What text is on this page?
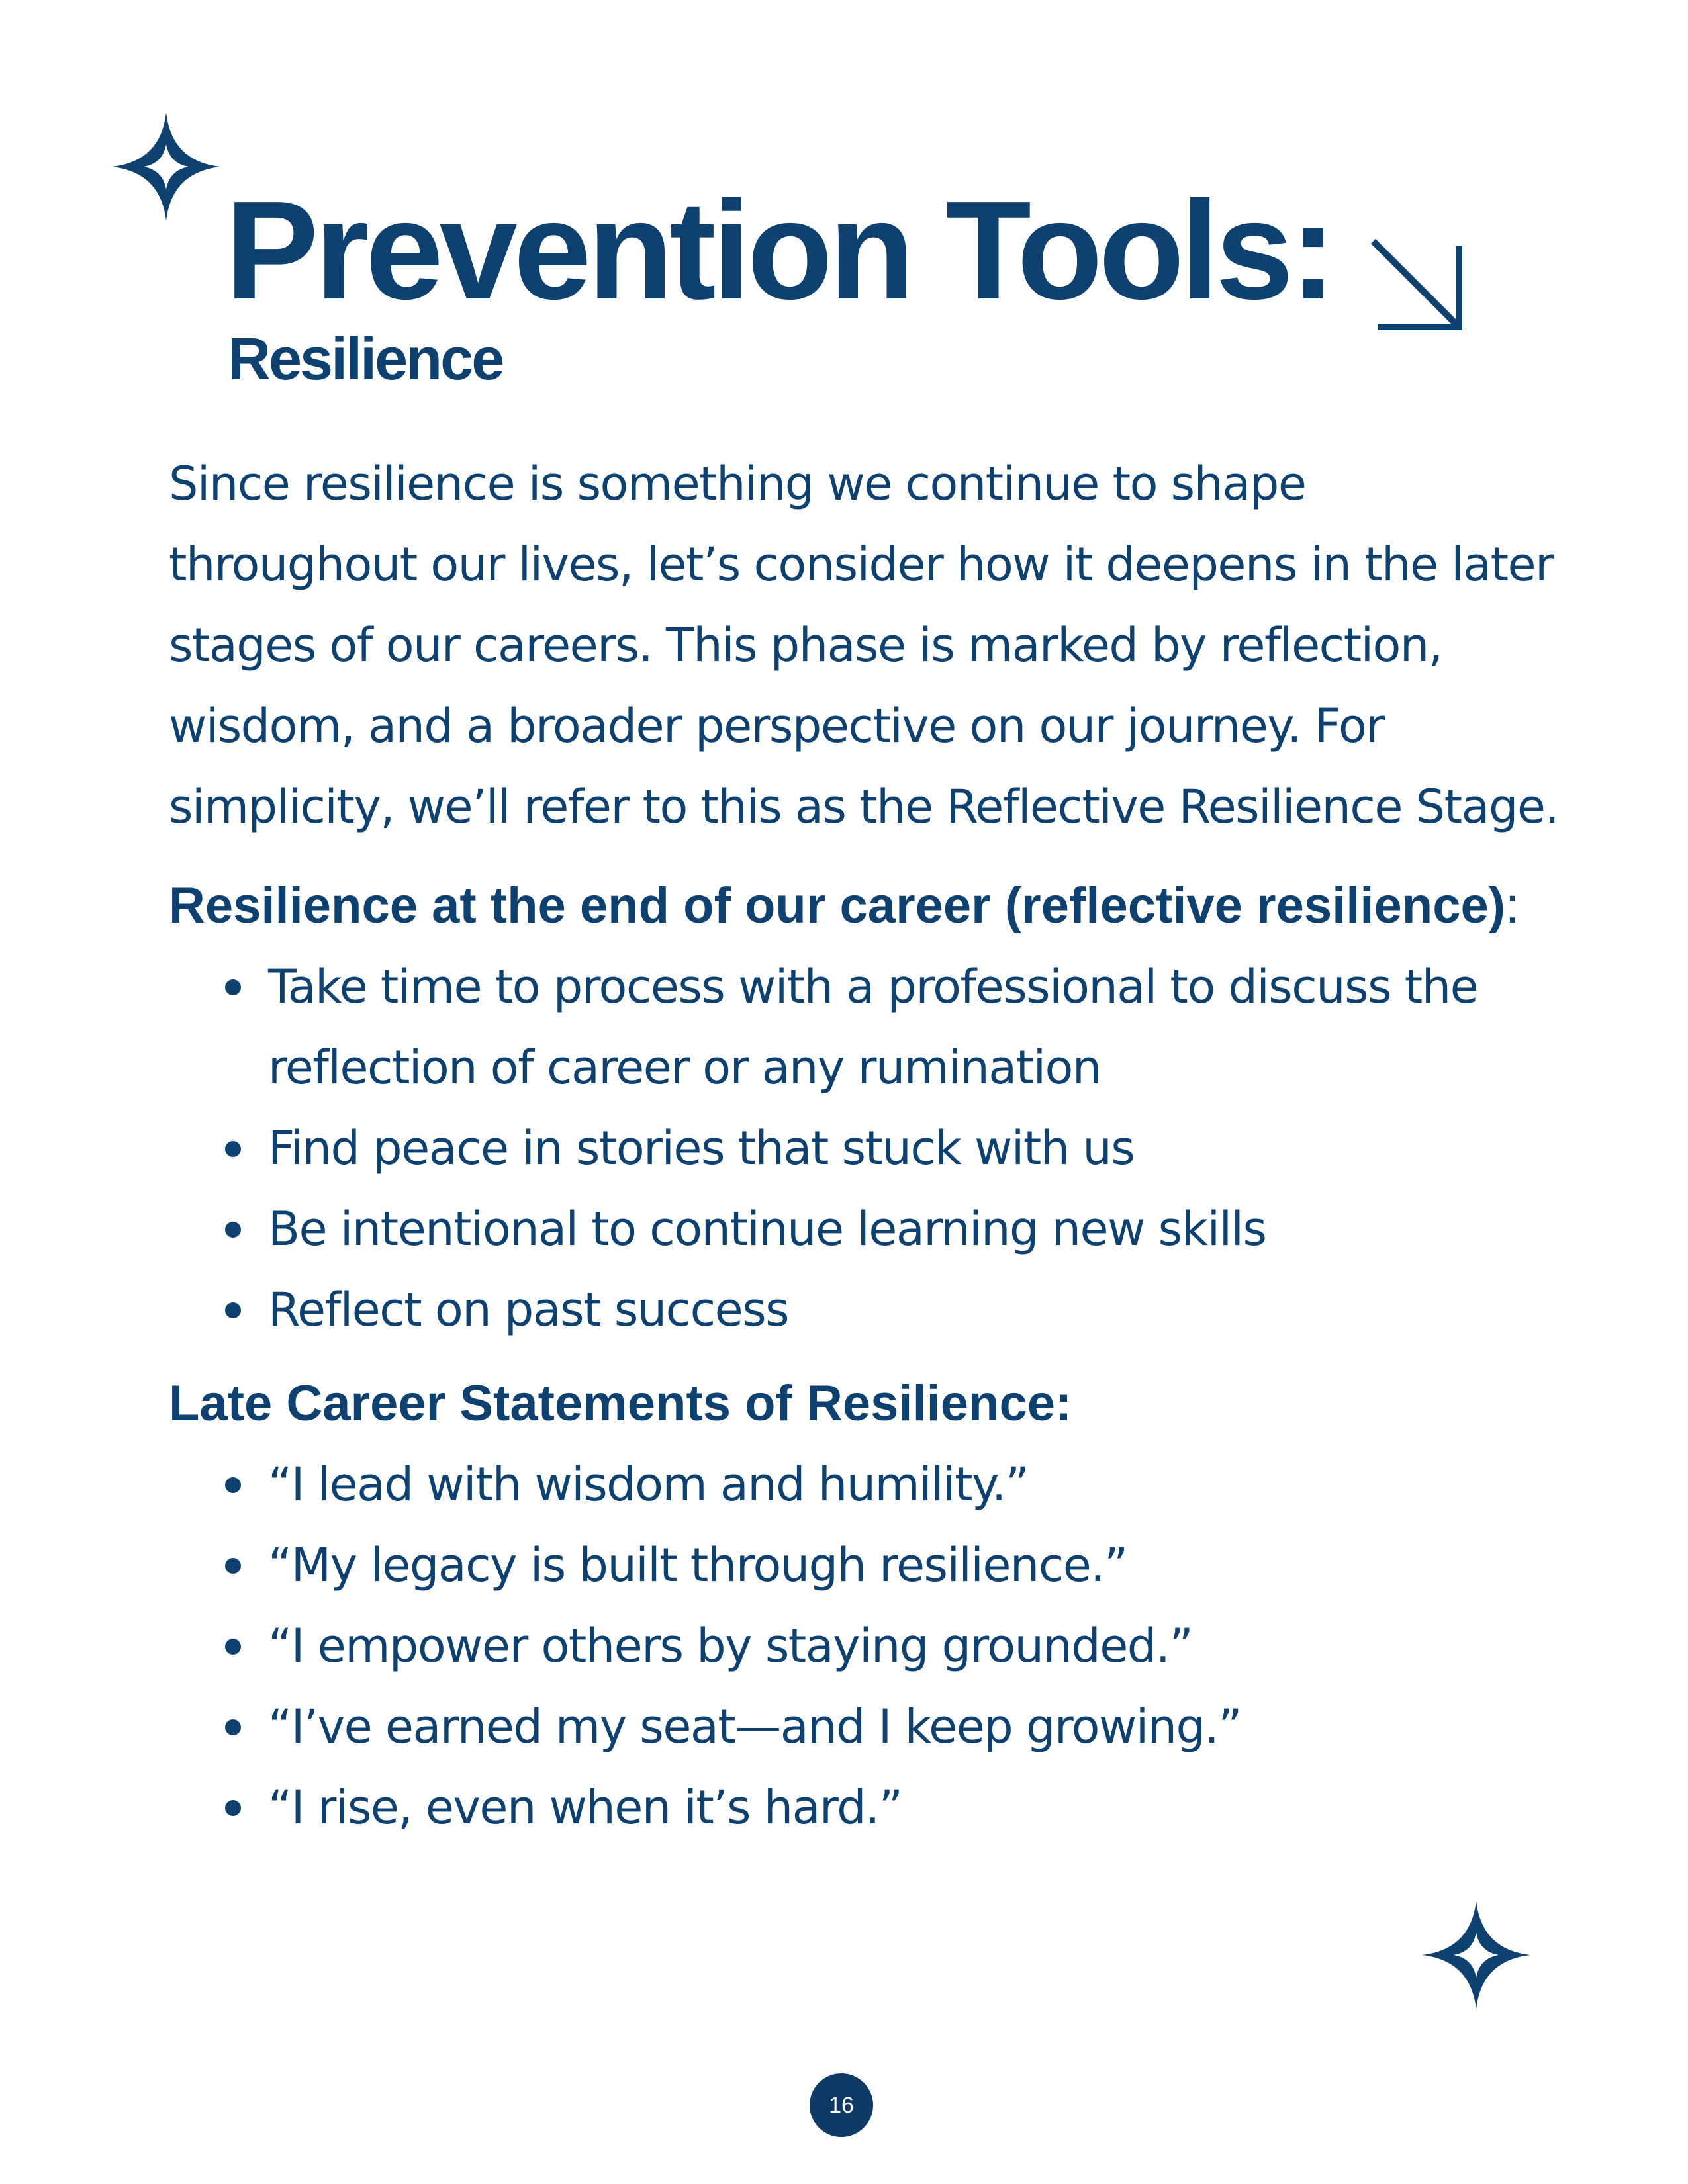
Prevention Tools:
Resilience

Since resilience is something we continue to shape throughout our lives, let’s consider how it deepens in the later stages of our careers. This phase is marked by reflection, wisdom, and a broader perspective on our journey. For simplicity, we’ll refer to this as the Reflective Resilience Stage.

Resilience at the end of our career (reflective resilience):
Take time to process with a professional to discuss the reflection of career or any rumination
Find peace in stories that stuck with us
Be intentional to continue learning new skills
Reflect on past success
Late Career Statements of Resilience:
“I lead with wisdom and humility.”
“My legacy is built through resilience.”
“I empower others by staying grounded.”
“I’ve earned my seat—and I keep growing.”
“I rise, even when it’s hard.”
16
